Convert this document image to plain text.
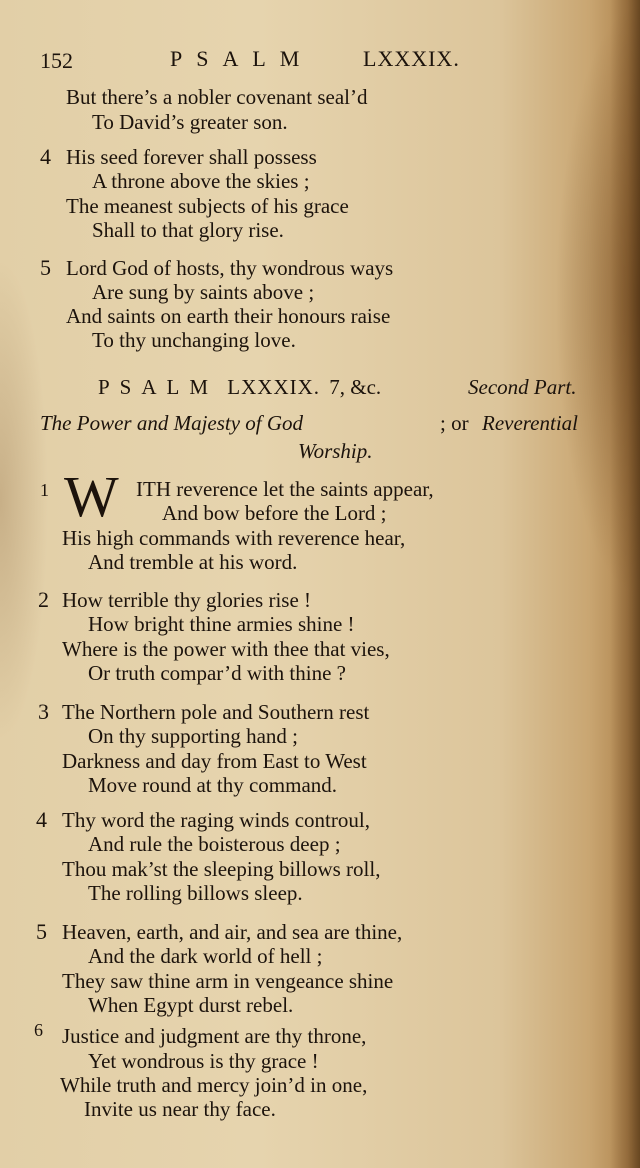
152	PSALM LXXXIX.
But there’s a nobler covenant seal’d
To David’s greater son.
4 His seed forever shall possess
A throne above the skies ;
The meanest subjects of his grace
Shall to that glory rise.
5 Lord God of hosts, thy wondrous ways
Are sung by saints above ;
And saints on earth their honours raise
To thy unchanging love.
PSALM LXXXIX. 7, &c.	Second Part.
The Power and Majesty of God	; or Reverential
Worship.
1 W ITH reverence let the saints appear,
And bow before the Lord ;
His high commands with reverence hear,
And tremble at his word.
2 How terrible thy glories rise !
How bright thine armies shine !
Where is the power with thee that vies,
Or truth compar’d with thine ?
3 The Northern pole and Southern rest
On thy supporting hand ;
Darkness and day from East to West
Move round at thy command.
4 Thy word the raging winds controul,
And rule the boisterous deep ;
Thou mak’st the sleeping billows roll,
The rolling billows sleep.
5 Heaven, earth, and air, and sea are thine,
And the dark world of hell ;
They saw thine arm in vengeance shine
When Egypt durst rebel.
6 Justice and judgment are thy throne,
Yet wondrous is thy grace !
While truth and mercy join’d in one,
Invite us near thy face.
